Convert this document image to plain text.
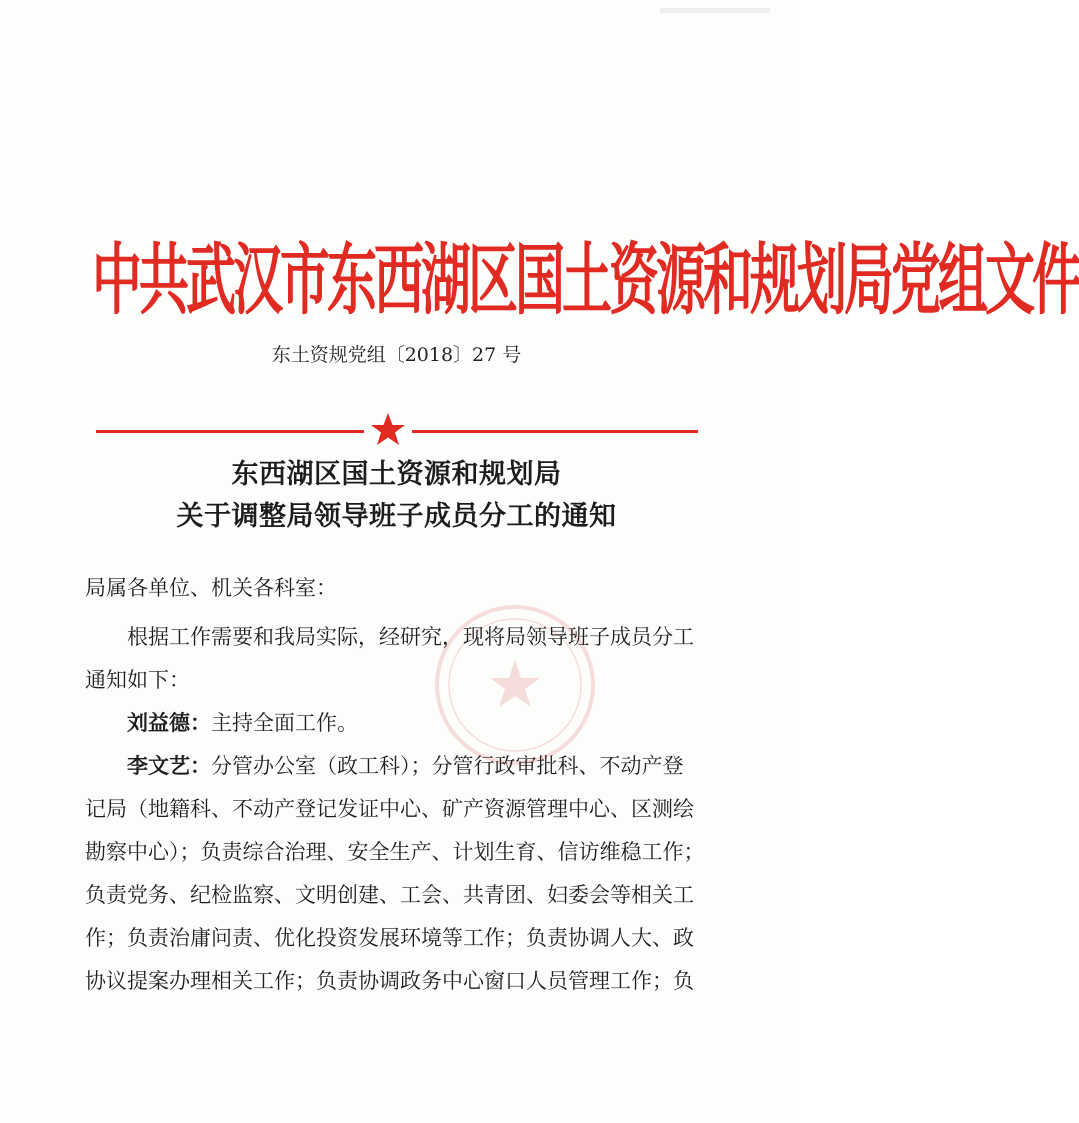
中共武汉市东西湖区国土资源和规划局党组文件
东土资规党组〔2018〕27 号
东西湖区国土资源和规划局
关于调整局领导班子成员分工的通知
局属各单位、机关各科室：
根据工作需要和我局实际，经研究，现将局领导班子成员分工
通知如下：
刘益德：主持全面工作。
李文艺：分管办公室（政工科）；分管行政审批科、不动产登
记局（地籍科、不动产登记发证中心、矿产资源管理中心、区测绘
勘察中心）；负责综合治理、安全生产、计划生育、信访维稳工作；
负责党务、纪检监察、文明创建、工会、共青团、妇委会等相关工
作；负责治庸问责、优化投资发展环境等工作；负责协调人大、政
协议提案办理相关工作；负责协调政务中心窗口人员管理工作；负
